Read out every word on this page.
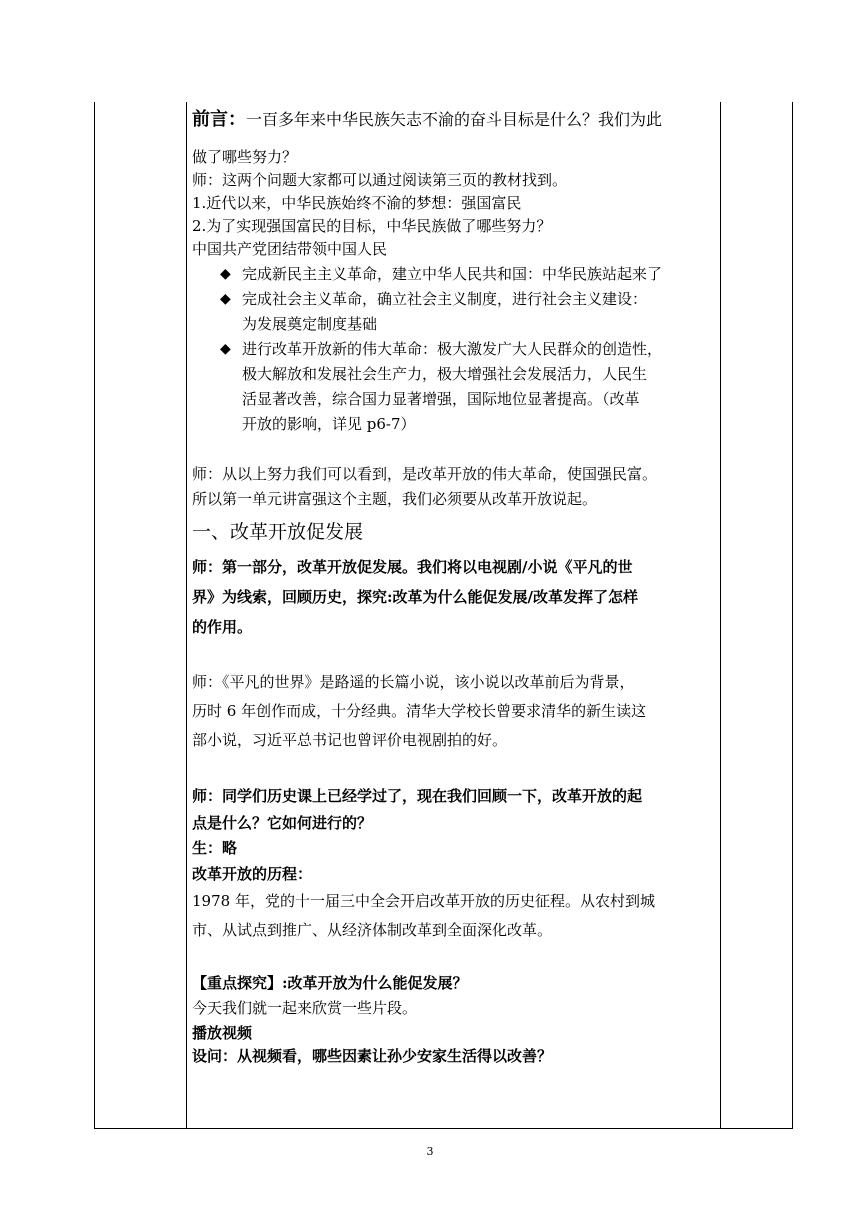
前言：一百多年来中华民族矢志不渝的奋斗目标是什么？我们为此
做了哪些努力？
师：这两个问题大家都可以通过阅读第三页的教材找到。
1.近代以来，中华民族始终不渝的梦想：强国富民
2.为了实现强国富民的目标，中华民族做了哪些努力？
中国共产党团结带领中国人民
◆ 完成新民主主义革命，建立中华人民共和国：中华民族站起来了
◆ 完成社会主义革命，确立社会主义制度，进行社会主义建设：
为发展奠定制度基础
◆ 进行改革开放新的伟大革命：极大激发广大人民群众的创造性，
极大解放和发展社会生产力，极大增强社会发展活力，人民生
活显著改善，综合国力显著增强，国际地位显著提高。（改革
开放的影响，详见 p6-7）
师：从以上努力我们可以看到，是改革开放的伟大革命，使国强民富。
所以第一单元讲富强这个主题，我们必须要从改革开放说起。
一、改革开放促发展
师：第一部分，改革开放促发展。我们将以电视剧/小说《平凡的世
界》为线索，回顾历史，探究:改革为什么能促发展/改革发挥了怎样
的作用。
师：《平凡的世界》是路遥的长篇小说，该小说以改革前后为背景，
历时 6 年创作而成，十分经典。清华大学校长曾要求清华的新生读这
部小说，习近平总书记也曾评价电视剧拍的好。
师：同学们历史课上已经学过了，现在我们回顾一下，改革开放的起
点是什么？它如何进行的？
生：略
改革开放的历程：
1978 年，党的十一届三中全会开启改革开放的历史征程。从农村到城
市、从试点到推广、从经济体制改革到全面深化改革。
【重点探究】:改革开放为什么能促发展？
今天我们就一起来欣赏一些片段。
播放视频
设问：从视频看，哪些因素让孙少安家生活得以改善？
3
